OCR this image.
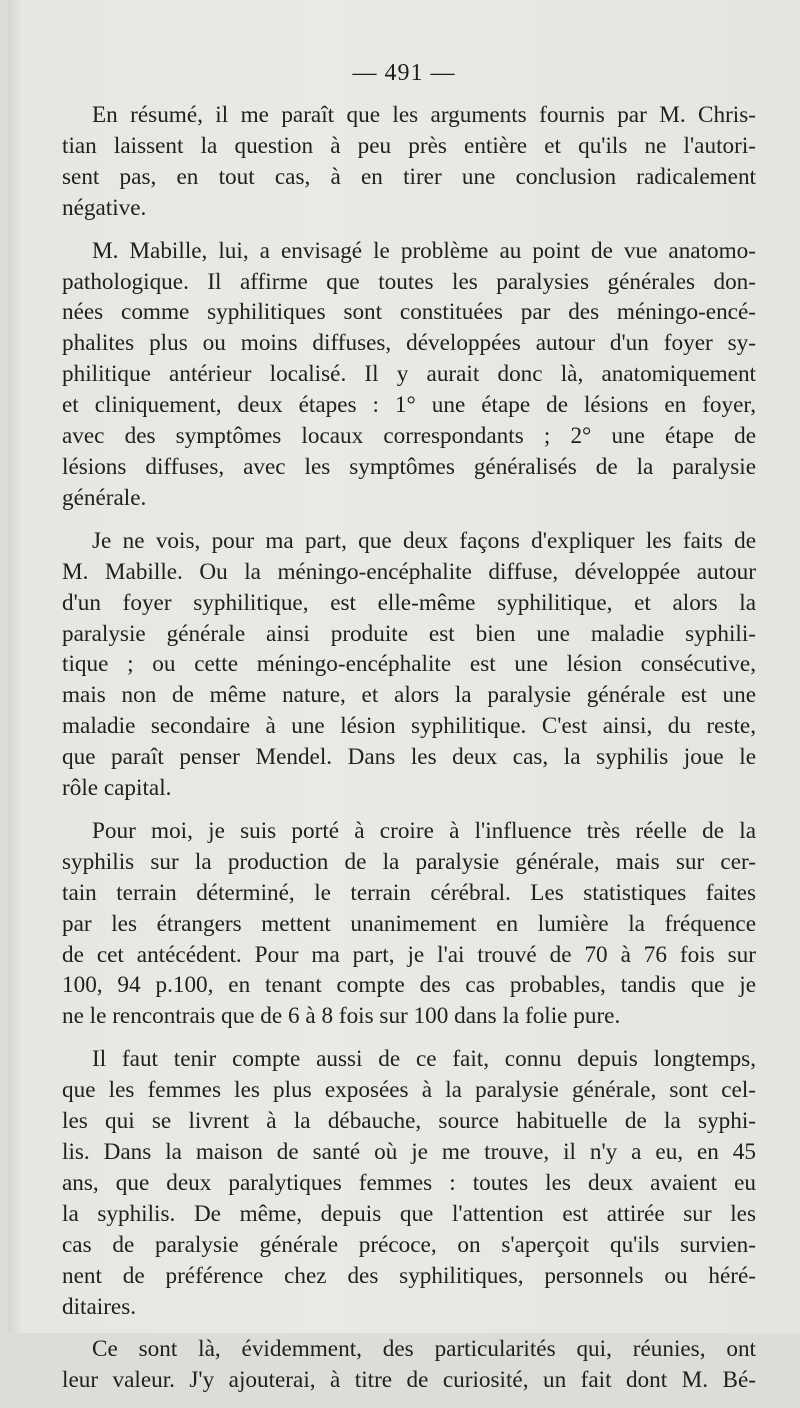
— 491 —

En résumé, il me paraît que les arguments fournis par M. Chris-
tian laissent la question à peu près entière et qu'ils ne l'autori-
sent pas, en tout cas, à en tirer une conclusion radicalement
négative.

M. Mabille, lui, a envisagé le problème au point de vue anatomo-
pathologique. Il affirme que toutes les paralysies générales don-
nées comme syphilitiques sont constituées par des méningo-encé-
phalites plus ou moins diffuses, développées autour d'un foyer sy-
philitique antérieur localisé. Il y aurait donc là, anatomiquement
et cliniquement, deux étapes : 1° une étape de lésions en foyer,
avec des symptômes locaux correspondants ; 2° une étape de
lésions diffuses, avec les symptômes généralisés de la paralysie
générale.

Je ne vois, pour ma part, que deux façons d'expliquer les faits de
M. Mabille. Ou la méningo-encéphalite diffuse, développée autour
d'un foyer syphilitique, est elle-même syphilitique, et alors la
paralysie générale ainsi produite est bien une maladie syphili-
tique ; ou cette méningo-encéphalite est une lésion consécutive,
mais non de même nature, et alors la paralysie générale est une
maladie secondaire à une lésion syphilitique. C'est ainsi, du reste,
que paraît penser Mendel. Dans les deux cas, la syphilis joue le
rôle capital.

Pour moi, je suis porté à croire à l'influence très réelle de la
syphilis sur la production de la paralysie générale, mais sur cer-
tain terrain déterminé, le terrain cérébral. Les statistiques faites
par les étrangers mettent unanimement en lumière la fréquence
de cet antécédent. Pour ma part, je l'ai trouvé de 70 à 76 fois sur
100, 94 p.100, en tenant compte des cas probables, tandis que je
ne le rencontrais que de 6 à 8 fois sur 100 dans la folie pure.

Il faut tenir compte aussi de ce fait, connu depuis longtemps,
que les femmes les plus exposées à la paralysie générale, sont cel-
les qui se livrent à la débauche, source habituelle de la syphi-
lis. Dans la maison de santé où je me trouve, il n'y a eu, en 45
ans, que deux paralytiques femmes : toutes les deux avaient eu
la syphilis. De même, depuis que l'attention est attirée sur les
cas de paralysie générale précoce, on s'aperçoit qu'ils survien-
nent de préférence chez des syphilitiques, personnels ou héré-
ditaires.

Ce sont là, évidemment, des particularités qui, réunies, ont
leur valeur. J'y ajouterai, à titre de curiosité, un fait dont M. Bé-
